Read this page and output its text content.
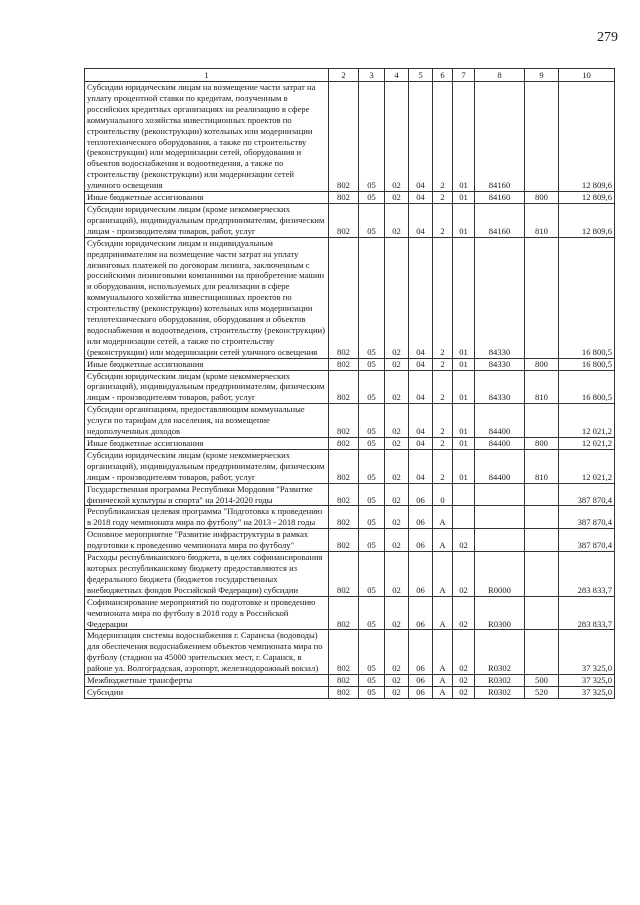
279
1	2	3	4	5	6	7	8	9	10
Субсидии юридическим лицам на возмещение части затрат на уплату процентной ставки по кредитам, полученным в российских кредитных организациях на реализацию в сфере коммунального хозяйства инвестиционных проектов по строительству (реконструкции) котельных или модернизации теплотехнического оборудования, а также по строительству (реконструкции) или модернизации сетей, оборудования и объектов водоснабжения и водоотведения, а также по строительству (реконструкции) или модернизации сетей уличного освещения	802	05	02	04	2	01	84160		12 809,6
Иные бюджетные ассигнования	802	05	02	04	2	01	84160	800	12 809,6
Субсидии юридическим лицам (кроме некоммерческих организаций), индивидуальным предпринимателям, физическим лицам - производителям товаров, работ, услуг	802	05	02	04	2	01	84160	810	12 809,6
Субсидии юридическим лицам и индивидуальным предпринимателям на возмещение части затрат на уплату лизинговых платежей по договорам лизинга, заключенным с российскими лизинговыми компаниями на приобретение машин и оборудования, используемых для реализации в сфере коммунального хозяйства инвестиционных проектов по строительству (реконструкции) котельных или модернизации теплотехнического оборудования, оборудования и объектов водоснабжения и водоотведения, строительству (реконструкции) или модернизации сетей, а также по строительству (реконструкции) или модернизации сетей уличного освещения	802	05	02	04	2	01	84330		16 800,5
Иные бюджетные ассигнования	802	05	02	04	2	01	84330	800	16 800,5
Субсидии юридическим лицам (кроме некоммерческих организаций), индивидуальным предпринимателям, физическим лицам - производителям товаров, работ, услуг	802	05	02	04	2	01	84330	810	16 800,5
Субсидии организациям, предоставляющим коммунальные услуги по тарифам для населения, на возмещение недополученных доходов	802	05	02	04	2	01	84400		12 021,2
Иные бюджетные ассигнования	802	05	02	04	2	01	84400	800	12 021,2
Субсидии юридическим лицам (кроме некоммерческих организаций), индивидуальным предпринимателям, физическим лицам - производителям товаров, работ, услуг	802	05	02	04	2	01	84400	810	12 021,2
Государственная программа Республики Мордовия "Развитие физической культуры и спорта" на 2014-2020 годы	802	05	02	06	0				387 870,4
Республиканская целевая программа "Подготовка к проведению в 2018 году чемпионата мира по футболу" на 2013 - 2018 годы	802	05	02	06	А				387 870,4
Основное мероприятие "Развитие инфраструктуры в рамках подготовки к проведению чемпионата мира по футболу"	802	05	02	06	А	02			387 870,4
Расходы республиканского бюджета, в целях софинансирования которых республиканскому бюджету предоставляются из федерального бюджета (бюджетов государственных внебюджетных фондов Российской Федерации) субсидии	802	05	02	06	А	02	R0000		283 833,7
Софинансирование мероприятий по подготовке и проведению чемпионата мира по футболу в 2018 году в Российской Федерации	802	05	02	06	А	02	R0300		283 833,7
Модернизация системы водоснабжения г. Саранска (водоводы) для обеспечения водоснабжением объектов чемпионата мира по футболу (стадион на 45000 зрительских мест, г. Саранск, в районе ул. Волгоградская, аэропорт, железнодорожный вокзал)	802	05	02	06	А	02	R0302		37 325,0
Межбюджетные трансферты	802	05	02	06	А	02	R0302	500	37 325,0
Субсидии	802	05	02	06	А	02	R0302	520	37 325,0
